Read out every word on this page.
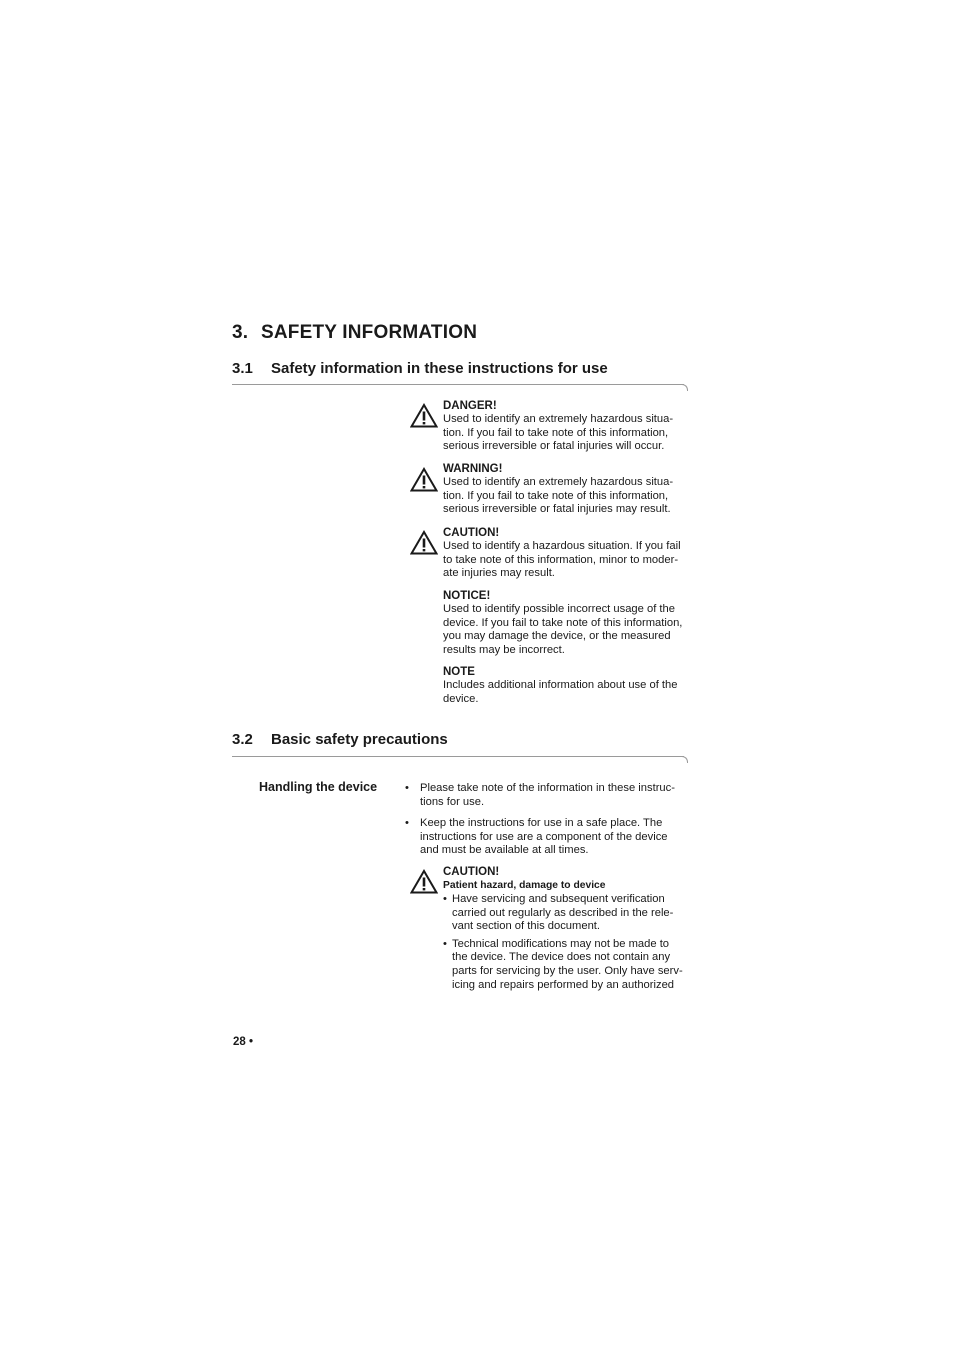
3. SAFETY INFORMATION
3.1 Safety information in these instructions for use
DANGER!
Used to identify an extremely hazardous situa-
tion. If you fail to take note of this information,
serious irreversible or fatal injuries will occur.
WARNING!
Used to identify an extremely hazardous situa-
tion. If you fail to take note of this information,
serious irreversible or fatal injuries may result.
CAUTION!
Used to identify a hazardous situation. If you fail
to take note of this information, minor to moder-
ate injuries may result.
NOTICE!
Used to identify possible incorrect usage of the
device. If you fail to take note of this information,
you may damage the device, or the measured
results may be incorrect.
NOTE
Includes additional information about use of the
device.
3.2 Basic safety precautions
Handling the device • Please take note of the information in these instruc-
tions for use.
• Keep the instructions for use in a safe place. The
instructions for use are a component of the device
and must be available at all times.
CAUTION!
Patient hazard, damage to device
• Have servicing and subsequent verification
carried out regularly as described in the rele-
vant section of this document.
• Technical modifications may not be made to
the device. The device does not contain any
parts for servicing by the user. Only have serv-
icing and repairs performed by an authorized
28 •
